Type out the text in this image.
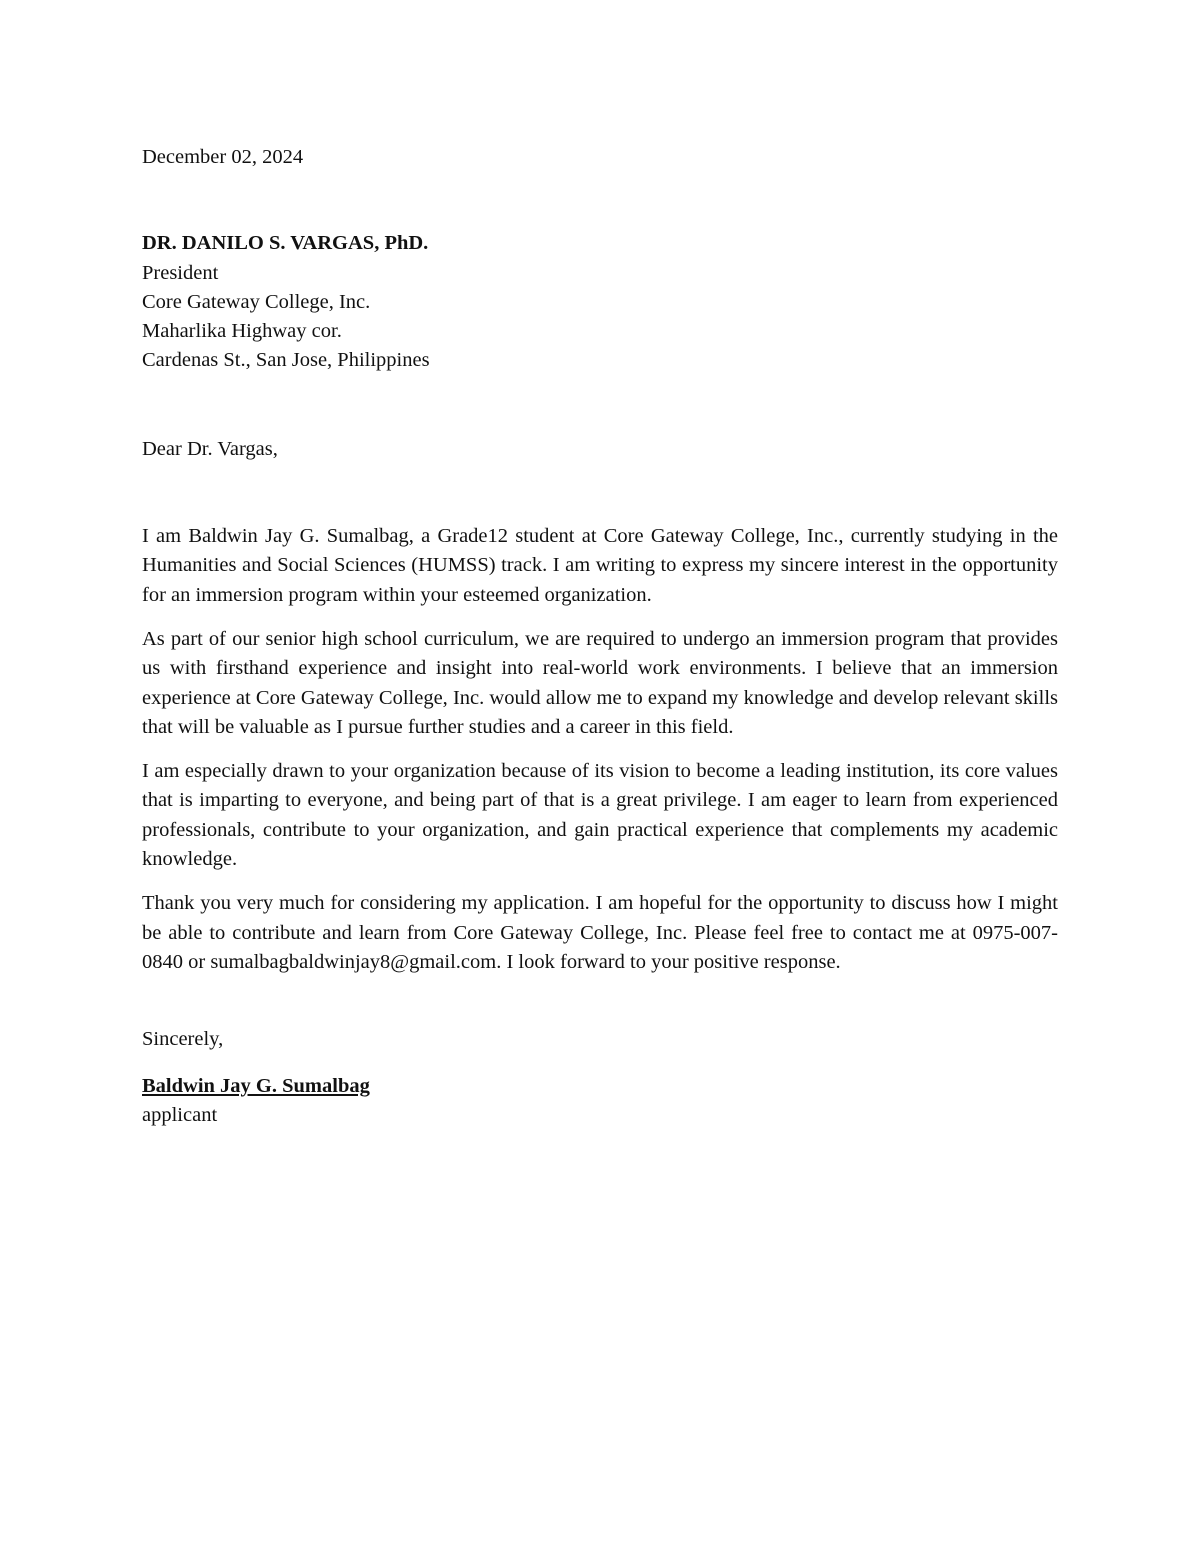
December 02, 2024
DR. DANILO S. VARGAS, PhD.
President
Core Gateway College, Inc.
Maharlika Highway cor.
Cardenas St., San Jose, Philippines
Dear Dr. Vargas,

I am Baldwin Jay G. Sumalbag, a Grade12 student at Core Gateway College, Inc., currently studying in the Humanities and Social Sciences (HUMSS) track. I am writing to express my sincere interest in the opportunity for an immersion program within your esteemed organization.

As part of our senior high school curriculum, we are required to undergo an immersion program that provides us with firsthand experience and insight into real-world work environments. I believe that an immersion experience at Core Gateway College, Inc. would allow me to expand my knowledge and develop relevant skills that will be valuable as I pursue further studies and a career in this field.

I am especially drawn to your organization because of its vision to become a leading institution, its core values that is imparting to everyone, and being part of that is a great privilege. I am eager to learn from experienced professionals, contribute to your organization, and gain practical experience that complements my academic knowledge.

Thank you very much for considering my application. I am hopeful for the opportunity to discuss how I might be able to contribute and learn from Core Gateway College, Inc. Please feel free to contact me at 0975-007-0840 or sumalbagbaldwinjay8@gmail.com. I look forward to your positive response.

Sincerely,
Baldwin Jay G. Sumalbag
applicant
